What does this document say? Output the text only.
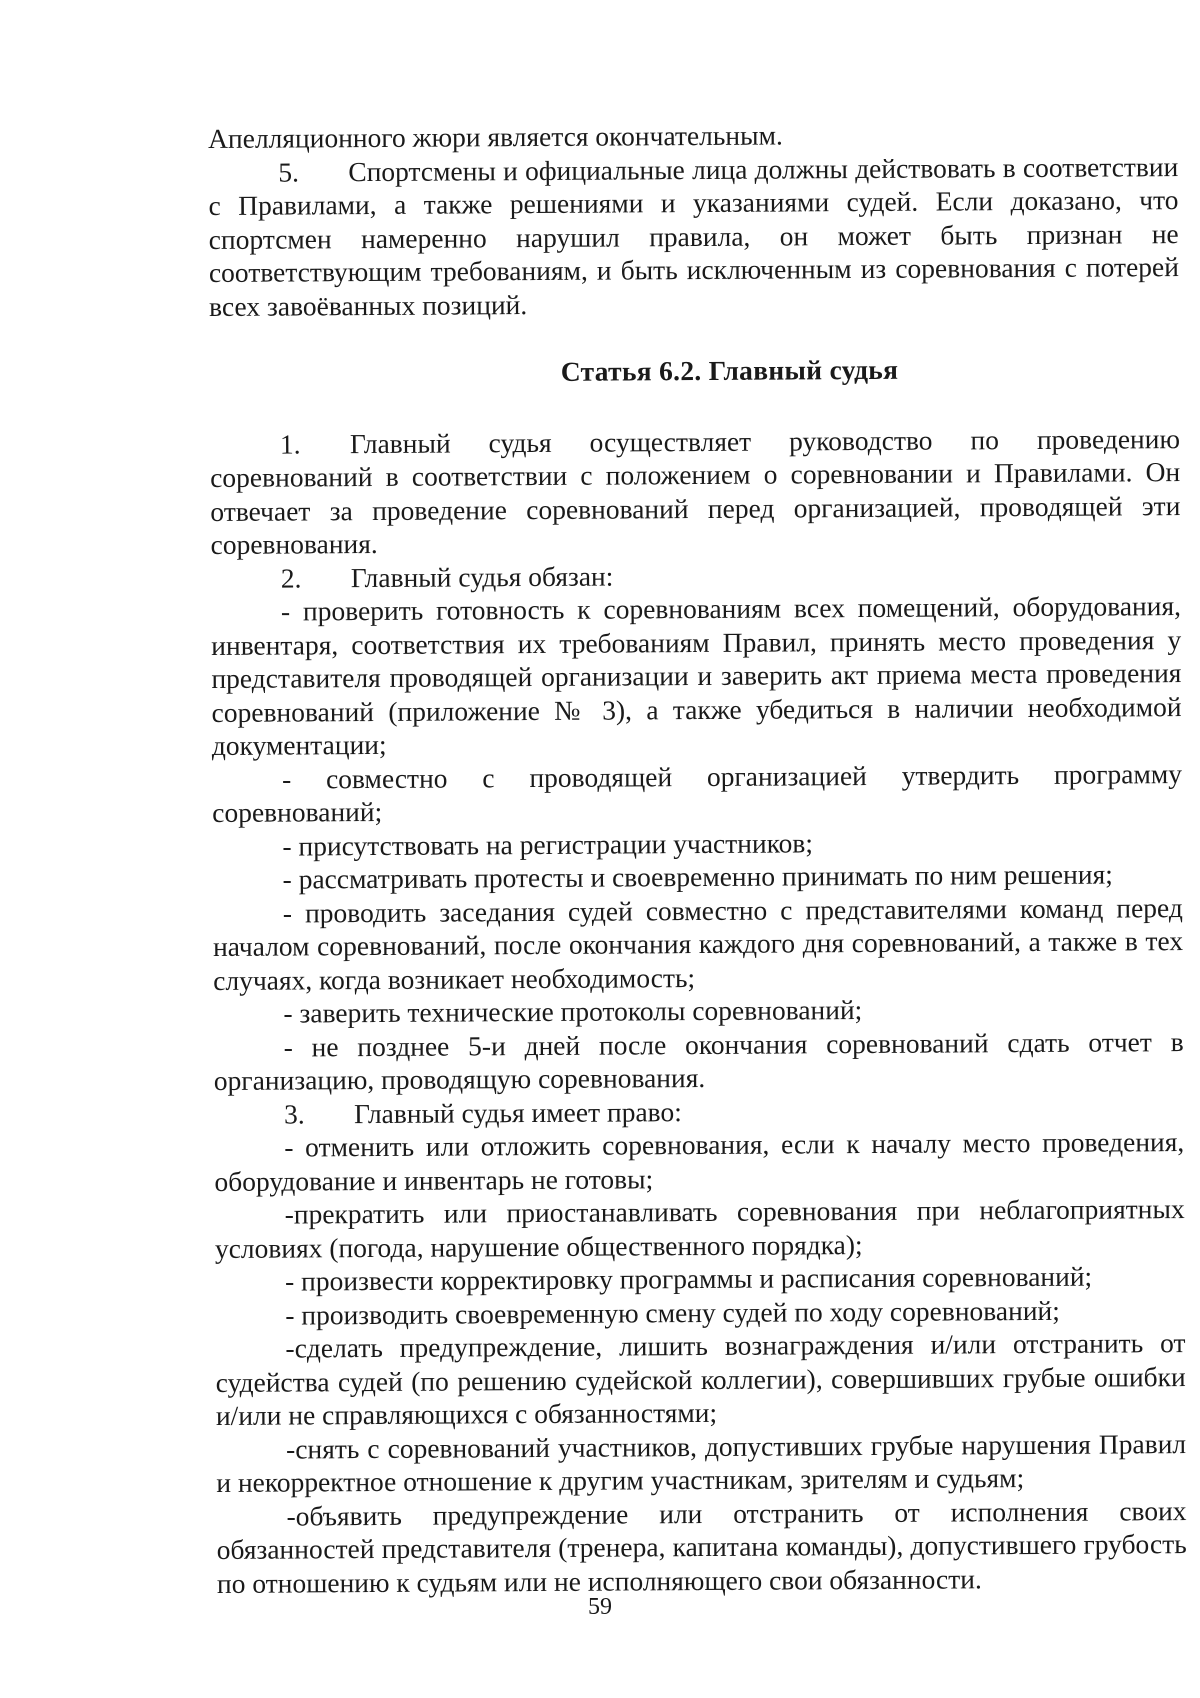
Апелляционного жюри является окончательным.

5. Спортсмены и официальные лица должны действовать в соответствии с Правилами, а также решениями и указаниями судей. Если доказано, что спортсмен намеренно нарушил правила, он может быть признан не соответствующим требованиям, и быть исключенным из соревнования с потерей всех завоёванных позиций.

Статья 6.2. Главный судья

1. Главный судья осуществляет руководство по проведению соревнований в соответствии с положением о соревновании и Правилами. Он отвечает за проведение соревнований перед организацией, проводящей эти соревнования.

2. Главный судья обязан:

- проверить готовность к соревнованиям всех помещений, оборудования, инвентаря, соответствия их требованиям Правил, принять место проведения у представителя проводящей организации и заверить акт приема места проведения соревнований (приложение № 3), а также убедиться в наличии необходимой документации;

- совместно с проводящей организацией утвердить программу соревнований;

- присутствовать на регистрации участников;

- рассматривать протесты и своевременно принимать по ним решения;

- проводить заседания судей совместно с представителями команд перед началом соревнований, после окончания каждого дня соревнований, а также в тех случаях, когда возникает необходимость;

- заверить технические протоколы соревнований;

- не позднее 5-и дней после окончания соревнований сдать отчет в организацию, проводящую соревнования.

3. Главный судья имеет право:

- отменить или отложить соревнования, если к началу место проведения, оборудование и инвентарь не готовы;

-прекратить или приостанавливать соревнования при неблагоприятных условиях (погода, нарушение общественного порядка);

- произвести корректировку программы и расписания соревнований;

- производить своевременную смену судей по ходу соревнований;

-сделать предупреждение, лишить вознаграждения и/или отстранить от судейства судей (по решению судейской коллегии), совершивших грубые ошибки и/или не справляющихся с обязанностями;

-снять с соревнований участников, допустивших грубые нарушения Правил и некорректное отношение к другим участникам, зрителям и судьям;

-объявить предупреждение или отстранить от исполнения своих обязанностей представителя (тренера, капитана команды), допустившего грубость по отношению к судьям или не исполняющего свои обязанности.

59
